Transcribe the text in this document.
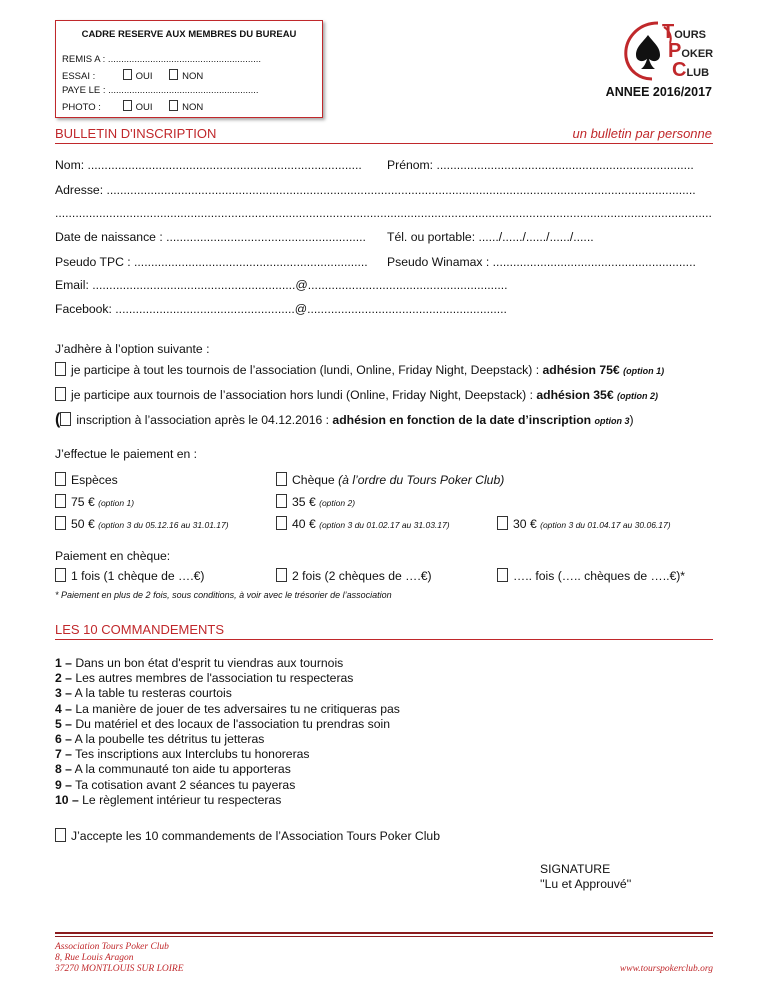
CADRE RESERVE AUX MEMBRES DU BUREAU
REMIS A : ..........................................................
ESSAI :	OUI	NON
PAYE LE : .........................................................
PHOTO :	OUI	NON
TOURS
POKER
CLUB
ANNEE 2016/2017
BULLETIN D'INSCRIPTION	un bulletin par personne
Nom: ................................................................................. Prénom: ............................................................................
Adresse: ..............................................................................................................................................................................
..................................................................................................................................................................................................
Date de naissance : ........................................................... Tél. ou portable: ....../....../....../....../......
Pseudo TPC : ..................................................................... Pseudo Winamax : ............................................................
Email: ............................................................@...........................................................
Facebook: .....................................................@...........................................................
J’adhère à l’option suivante :
je participe à tout les tournois de l’association (lundi, Online, Friday Night, Deepstack) : adhésion 75€ (option 1)
je participe aux tournois de l’association hors lundi (Online, Friday Night, Deepstack) : adhésion 35€ (option 2)
( inscription à l’association après le 04.12.2016 : adhésion en fonction de la date d’inscription option 3)
J’effectue le paiement en :
Espèces	Chèque (à l’ordre du Tours Poker Club)
75 € (option 1)	35 € (option 2)
50 € (option 3 du 05.12.16 au 31.01.17)	40 € (option 3 du 01.02.17 au 31.03.17)	30 € (option 3 du 01.04.17 au 30.06.17)
Paiement en chèque:
1 fois (1 chèque de ….€)	2 fois (2 chèques de ….€)	….. fois (….. chèques de …..€)*
* Paiement en plus de 2 fois, sous conditions, à voir avec le trésorier de l’association
LES 10 COMMANDEMENTS
1 – Dans un bon état d'esprit tu viendras aux tournois
2 – Les autres membres de l'association tu respecteras
3 – A la table tu resteras courtois
4 – La manière de jouer de tes adversaires tu ne critiqueras pas
5 – Du matériel et des locaux de l'association tu prendras soin
6 – A la poubelle tes détritus tu jetteras
7 – Tes inscriptions aux Interclubs tu honoreras
8 – A la communauté ton aide tu apporteras
9 – Ta cotisation avant 2 séances tu payeras
10 – Le règlement intérieur tu respecteras
J’accepte les 10 commandements de l’Association Tours Poker Club
SIGNATURE
''Lu et Approuvé''
Association Tours Poker Club
8, Rue Louis Aragon
37270 MONTLOUIS SUR LOIRE	www.tourspokerclub.org
